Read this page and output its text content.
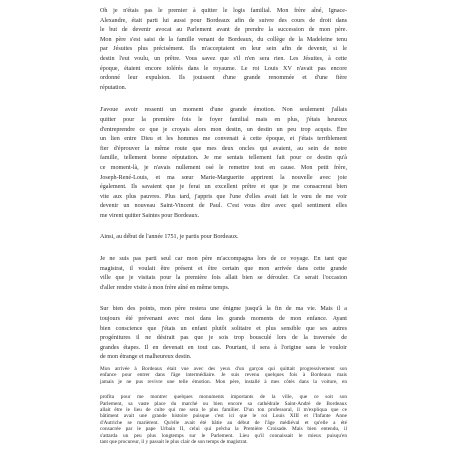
Oh je n'étais pas le premier à quitter le logis familial. Mon frère aîné, Ignace-
Alexandre, était parti lui aussi pour Bordeaux afin de suivre des cours de droit dans
le but de devenir avocat au Parlement avant de prendre la succession de mon père.
Mon père s'est saisi de la famille venant de Bordeaux, du collège de la Madeleine tenu
par Jésuites plus précisément. Ils m'acceptaient en leur sein afin de devenir, si le
destin l'eut voulu, un prêtre. Vous savez que s'il n'en sera rien. Les Jésuites, à cette
époque, étaient encore tolérés dans le royaume. Le roi Louis XV n'avait pas encore
ordonné leur expulsion. Ils jouissent d'une grande renommée et d'une fière
réputation.
J'avoue avoir ressenti un moment d'une grande émotion. Non seulement j'allais
quitter pour la première fois le foyer familial mais en plus, j'étais heureux
d'entreprendre ce que je croyais alors mon destin, un destin un peu trop acquis. Être
un lien entre Dieu et les hommes me convenait à cette époque, et j'étais terriblement
fier d'éprouver la même route que mes deux oncles qui avaient, au sein de notre
famille, tellement bonne réputation. Je me sentais tellement fait pour ce destin qu'à
ce moment-là, je n'avais nullement osé le remettre tout en cause. Mon petit frère,
Joseph-René-Louis, et ma sœur Marie-Marguerite apprirent la nouvelle avec joie
également. Ils savaient que je ferai un excellent prêtre et que je me consacrerai bien
vite aux plus pauvres. Plus tard, j'appris que l'une d'elles avait fait le vœu de me voir
devenir un nouveau Saint-Vincent de Paul. C'est vous dire avec quel sentiment elles
me virent quitter Saintes pour Bordeaux.
Ainsi, au début de l'année 1751, je partis pour Bordeaux.
Je ne suis pas parti seul car mon père m'accompagna lors de ce voyage. En tant que
magistrat, il voulait être présent et être certain que mon arrivée dans cette grande
ville que je visitais pour la première fois allait bien se dérouler. Ce serait l'occasion
d'aller rendre visite à mon frère aîné en même temps.
Sur bien des points, mon père restera une énigme jusqu'à la fin de ma vie. Mais il a
toujours été prévenant avec moi dans les grands moments de mon enfance. Ayant
bien conscience que j'étais un enfant plutôt solitaire et plus sensible que ses autres
progénitures il ne désirait pas que je sois trop bousculé lors de la traversée de
grandes étapes. Il en devenait en tout cas. Pourtant, il sera à l'origine sans le vouloir
de mon étrange et malheureux destin.
Mon arrivée à Bordeaux était vue avec des yeux d'un garçon qui quittait progressivement son
enfance pour entrer dans l'âge intermédiaire. Je suis revenu quelques fois à Bordeaux mais
jamais je ne pus revivre une telle émotion. Mon père, installé à mes côtés dans la voiture, en
profita pour me montrer quelques monuments importants de la ville, que ce soit son
Parlement, sa vaste place du marché ou bien encore sa cathédrale Saint-André de Bordeaux
allait être le lieu de culte qui me sera le plus familier. D'un ton professoral, il m'expliqua que ce
bâtiment avait une grande histoire puisque c'est ici que le roi Louis XIII et l'Infante Anne
d'Autriche se marièrent. Qu'elle avait été bâtie au début de l'âge médiéval et qu'elle a été
consacrée par le pape Urbain II, celui qui prêcha la Première Croisade. Mais bien entendu, il
s'attarda un peu plus longtemps sur le Parlement. Lieu qu'il connaissait le mieux puisqu'en
tant que procureur, il y passait le plus clair de son temps de magistrat.
